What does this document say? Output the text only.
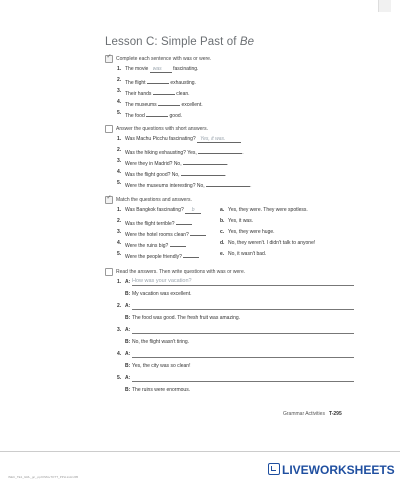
Lesson C: Simple Past of Be
✓ Complete each sentence with was or were.
1. The movie was fascinating.
2. The flight	exhausting.
3. Their hands	clean.
4. The museums	excellent.
5. The food	good.
Answer the questions with short answers.
1. Was Machu Picchu fascinating? Yes, it was.
2. Was the hiking exhausting? Yes,	.
3. Were they in Madrid? No,	.
4. Was the flight good? No,	.
5. Were the museums interesting? No,	.
✓ Match the questions and answers.
1. Was Bangkok fascinating? b	a. Yes, they were. They were spotless.
2. Was the flight terrible?	b. Yes, it was.
3. Were the hotel rooms clean?	c. Yes, they were huge.
4. Were the ruins big?	d. No, they weren't. I didn't talk to anyone!
5. Were the people friendly?	e. No, it wasn't bad.
Read the answers. Then write questions with was or were.
1. A: How was your vacation?
B: My vacation was excellent.
2. A:
B: The food was good. The fresh fruit was amazing.
3. A:
B: No, the flight wasn't tiring.
4. A:
B: Yes, the city was so clean!
5. A:
B: The ruins were enormous.
Grammar Activities T-295
INEC_TE1_GRL_gc_.pp/OSM+TOTT_PPH.indd 295	LIVEWORKSHEETS
